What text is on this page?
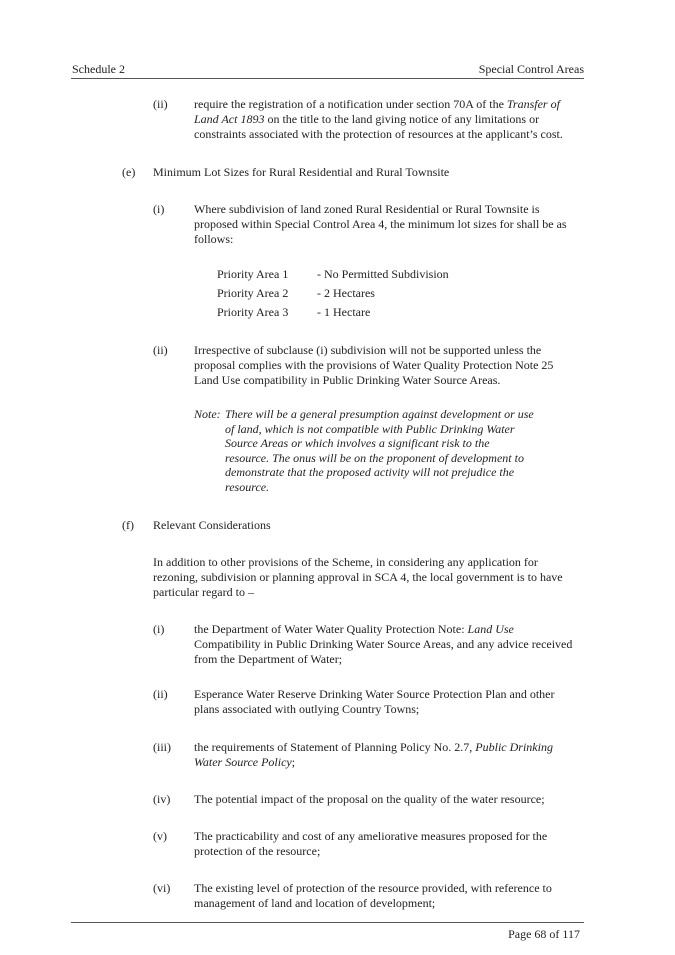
Schedule 2	Special Control Areas
(ii) require the registration of a notification under section 70A of the Transfer of Land Act 1893 on the title to the land giving notice of any limitations or constraints associated with the protection of resources at the applicant’s cost.
(e) Minimum Lot Sizes for Rural Residential and Rural Townsite
(i) Where subdivision of land zoned Rural Residential or Rural Townsite is proposed within Special Control Area 4, the minimum lot sizes for shall be as follows:
Priority Area 1 - No Permitted Subdivision
Priority Area 2 - 2 Hectares
Priority Area 3 - 1 Hectare
(ii) Irrespective of subclause (i) subdivision will not be supported unless the proposal complies with the provisions of Water Quality Protection Note 25 Land Use compatibility in Public Drinking Water Source Areas.
Note: There will be a general presumption against development or use of land, which is not compatible with Public Drinking Water Source Areas or which involves a significant risk to the resource. The onus will be on the proponent of development to demonstrate that the proposed activity will not prejudice the resource.
(f) Relevant Considerations
In addition to other provisions of the Scheme, in considering any application for rezoning, subdivision or planning approval in SCA 4, the local government is to have particular regard to –
(i) the Department of Water Water Quality Protection Note: Land Use Compatibility in Public Drinking Water Source Areas, and any advice received from the Department of Water;
(ii) Esperance Water Reserve Drinking Water Source Protection Plan and other plans associated with outlying Country Towns;
(iii) the requirements of Statement of Planning Policy No. 2.7, Public Drinking Water Source Policy;
(iv) The potential impact of the proposal on the quality of the water resource;
(v) The practicability and cost of any ameliorative measures proposed for the protection of the resource;
(vi) The existing level of protection of the resource provided, with reference to management of land and location of development;
Page 68 of 117
